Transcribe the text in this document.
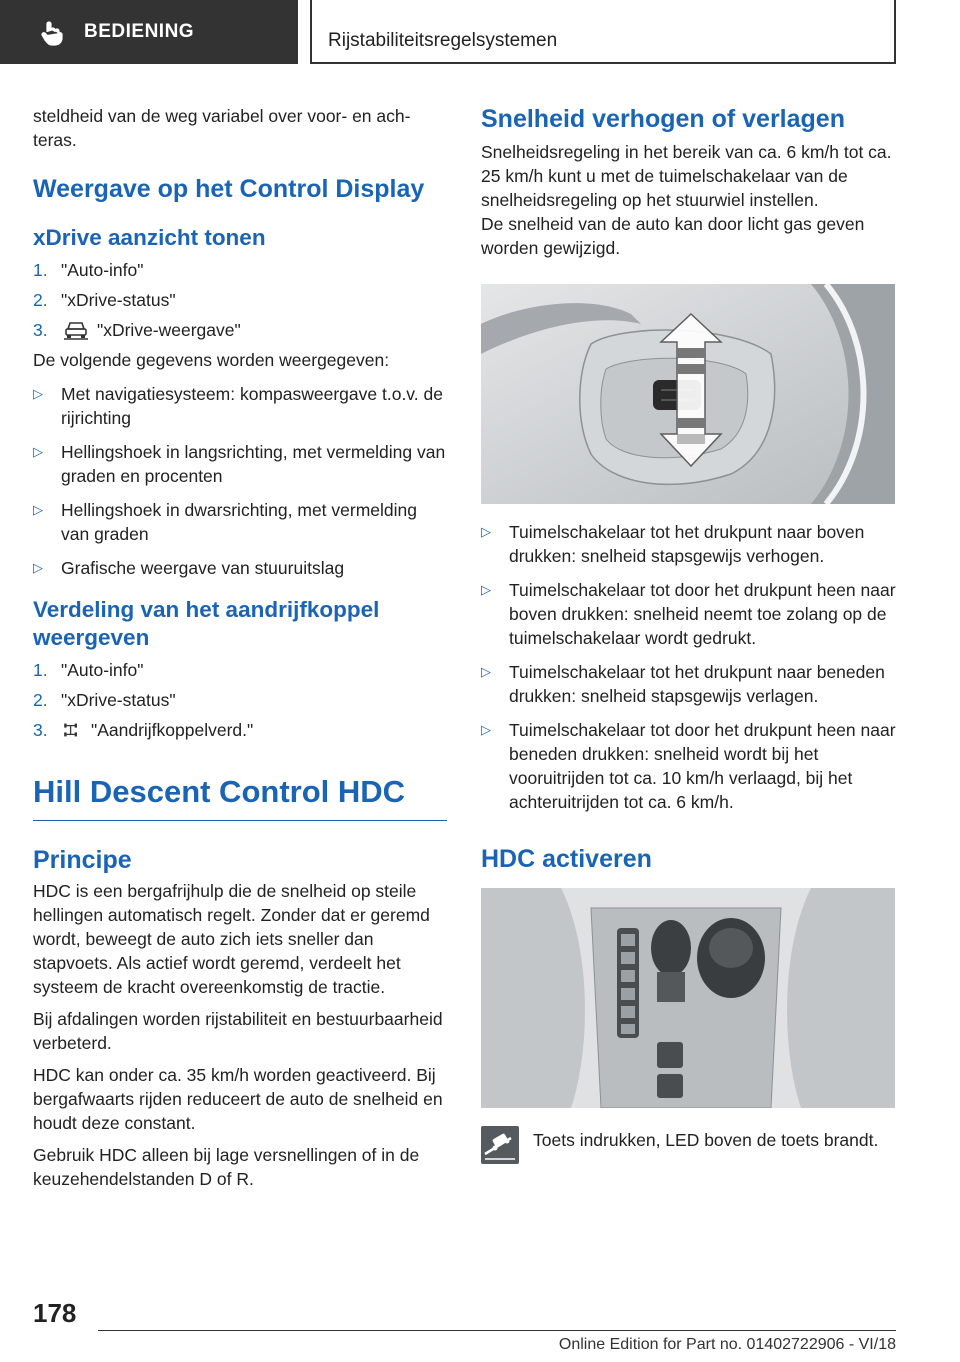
BEDIENING	Rijstabiliteitsregelsystemen

steldheid van de weg variabel over voor- en achteras.

Weergave op het Control Display
xDrive aanzicht tonen
1. "Auto-info"
2. "xDrive-status"
3.	"xDrive-weergave"

De volgende gegevens worden weergegeven:

▷	Met navigatiesysteem: kompasweergave t.o.v. de rijrichting
▷	Hellingshoek in langsrichting, met vermelding van graden en procenten
▷	Hellingshoek in dwarsrichting, met vermelding van graden
▷	Grafische weergave van stuuruitslag
Verdeling van het aandrijfkoppel weergeven
1. "Auto-info"
2. "xDrive-status"
3.	"Aandrijfkoppelverd."
Hill Descent Control HDC
Principe

HDC is een bergafrijhulp die de snelheid op steile hellingen automatisch regelt. Zonder dat er geremd wordt, beweegt de auto zich iets sneller dan stapvoets. Als actief wordt geremd, verdeelt het systeem de kracht overeenkomstig de tractie.

Bij afdalingen worden rijstabiliteit en bestuurbaarheid verbeterd.

HDC kan onder ca. 35 km/h worden geactiveerd. Bij bergafwaarts rijden reduceert de auto de snelheid en houdt deze constant.

Gebruik HDC alleen bij lage versnellingen of in de keuzehendelstanden D of R.

Snelheid verhogen of verlagen

Snelheidsregeling in het bereik van ca. 6 km/h tot ca. 25 km/h kunt u met de tuimelschakelaar van de snelheidsregeling op het stuurwiel instellen.

De snelheid van de auto kan door licht gas geven worden gewijzigd.

▷	Tuimelschakelaar tot het drukpunt naar boven drukken: snelheid stapsgewijs verhogen.
▷	Tuimelschakelaar tot door het drukpunt heen naar boven drukken: snelheid neemt toe zolang op de tuimelschakelaar wordt gedrukt.
▷	Tuimelschakelaar tot het drukpunt naar beneden drukken: snelheid stapsgewijs verlagen.
▷	Tuimelschakelaar tot door het drukpunt heen naar beneden drukken: snelheid wordt bij het vooruitrijden tot ca. 10 km/h verlaagd, bij het achteruitrijden tot ca. 6 km/h.
HDC activeren

Toets indrukken, LED boven de toets brandt.

178
Online Edition for Part no. 01402722906 - VI/18
